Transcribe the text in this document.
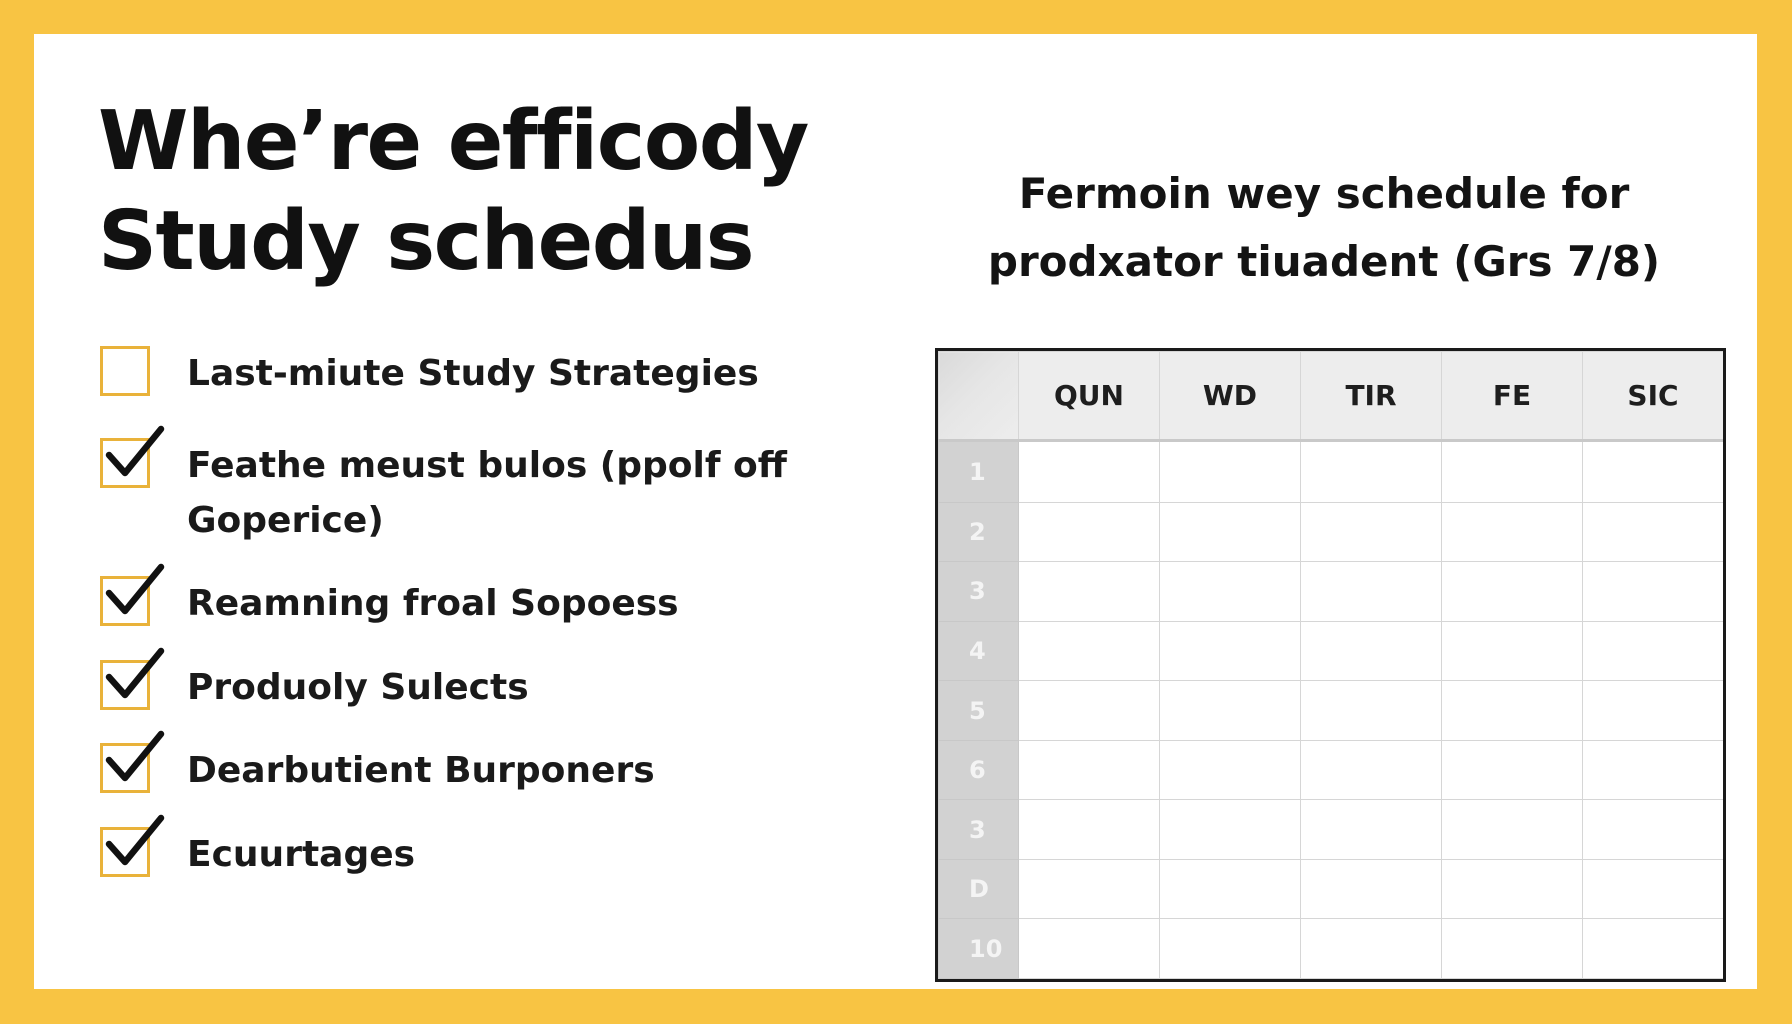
Whe’re efficody
Study schedus
Last-miute Study Strategies
Feathe meust bulos (ppolf off
Goperice)
Reamning froal Sopoess
Produoly Sulects
Dearbutient Burponers
Ecuurtages
Fermoin wey schedule for
prodxator tiuadent (Grs 7/8)
	QUN	WD	TIR	FE	SIC
1					
2					
3					
4					
5					
6					
3					
D					
10					
